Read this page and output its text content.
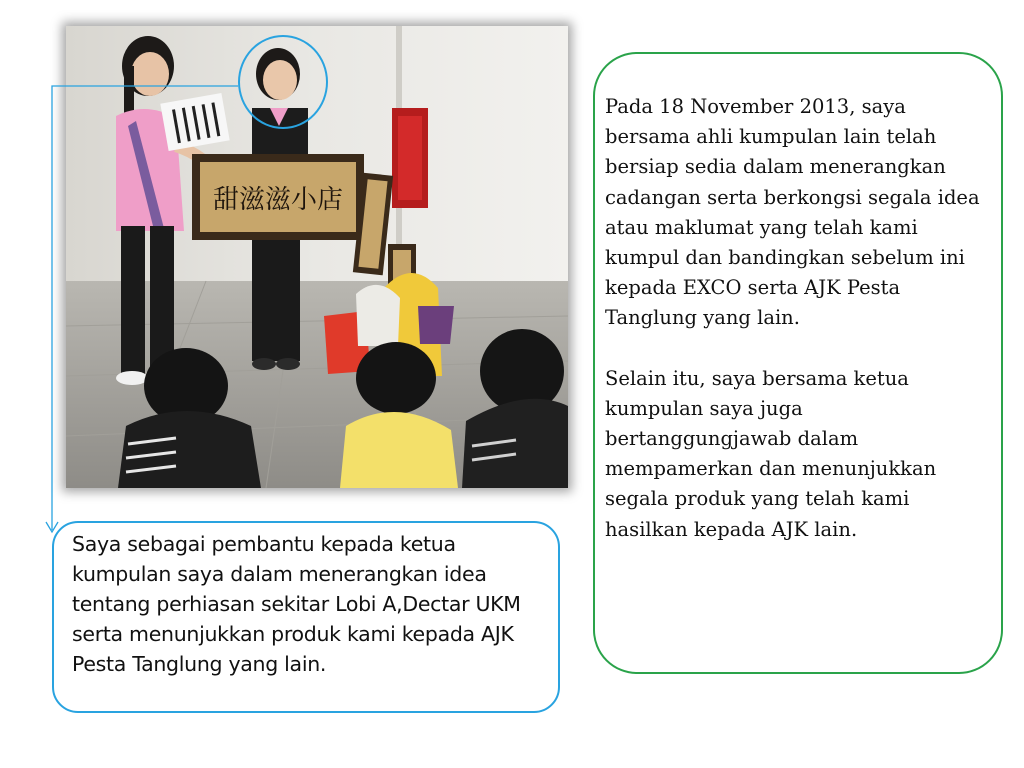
甜滋滋小店

Saya sebagai pembantu kepada ketua kumpulan saya dalam menerangkan idea tentang perhiasan sekitar Lobi A,Dectar UKM serta menunjukkan produk kami kepada AJK Pesta Tanglung yang lain.

Pada 18 November 2013, saya bersama ahli kumpulan lain telah bersiap sedia dalam menerangkan cadangan serta berkongsi segala idea atau maklumat yang telah kami kumpul dan bandingkan sebelum ini kepada EXCO serta AJK Pesta Tanglung yang lain.

Selain itu, saya bersama ketua kumpulan saya juga bertanggungjawab dalam mempamerkan dan menunjukkan segala produk yang telah kami hasilkan kepada AJK lain.
